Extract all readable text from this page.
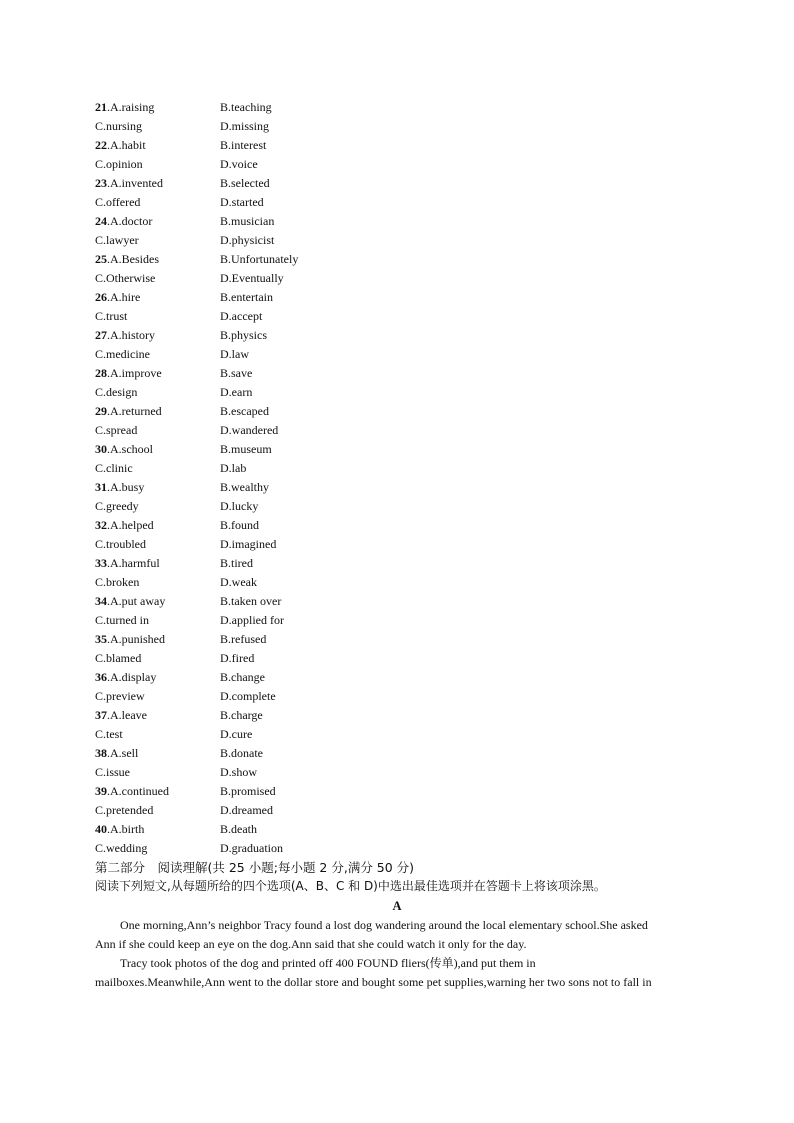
21.A.raising	B.teaching
C.nursing	D.missing
22.A.habit	B.interest
C.opinion	D.voice
23.A.invented	B.selected
C.offered	D.started
24.A.doctor	B.musician
C.lawyer	D.physicist
25.A.Besides	B.Unfortunately
C.Otherwise	D.Eventually
26.A.hire	B.entertain
C.trust	D.accept
27.A.history	B.physics
C.medicine	D.law
28.A.improve	B.save
C.design	D.earn
29.A.returned	B.escaped
C.spread	D.wandered
30.A.school	B.museum
C.clinic	D.lab
31.A.busy	B.wealthy
C.greedy	D.lucky
32.A.helped	B.found
C.troubled	D.imagined
33.A.harmful	B.tired
C.broken	D.weak
34.A.put away	B.taken over
C.turned in	D.applied for
35.A.punished	B.refused
C.blamed	D.fired
36.A.display	B.change
C.preview	D.complete
37.A.leave	B.charge
C.test	D.cure
38.A.sell	B.donate
C.issue	D.show
39.A.continued	B.promised
C.pretended	D.dreamed
40.A.birth	B.death
C.wedding	D.graduation
第二部分　阅读理解(共 25 小题;每小题 2 分,满分 50 分)
阅读下列短文,从每题所给的四个选项(A、B、C 和 D)中选出最佳选项并在答题卡上将该项涂黑。
A
One morning,Ann’s neighbor Tracy found a lost dog wandering around the local elementary school.She asked
Ann if she could keep an eye on the dog.Ann said that she could watch it only for the day.
Tracy took photos of the dog and printed off 400 FOUND fliers(传单),and put them in
mailboxes.Meanwhile,Ann went to the dollar store and bought some pet supplies,warning her two sons not to fall in
